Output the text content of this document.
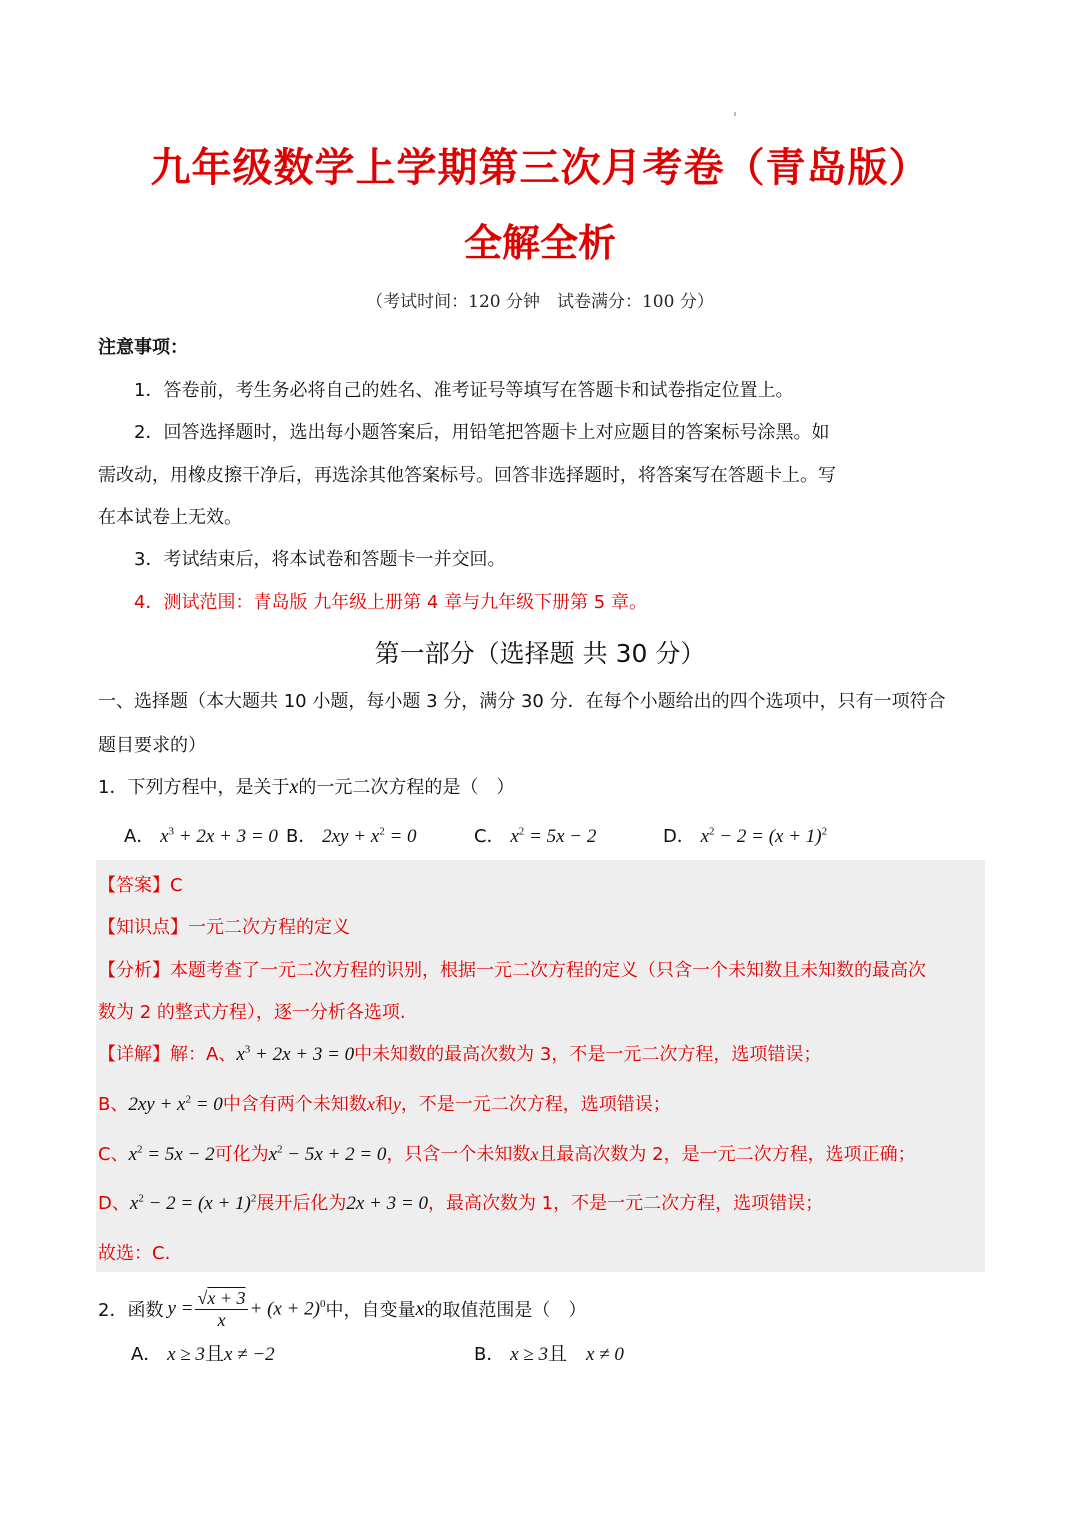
九年级数学上学期第三次月考卷（青岛版）
全解全析
（考试时间：120 分钟　试卷满分：100 分）
注意事项：
1．答卷前，考生务必将自己的姓名、准考证号等填写在答题卡和试卷指定位置上。
2．回答选择题时，选出每小题答案后，用铅笔把答题卡上对应题目的答案标号涂黑。如
需改动，用橡皮擦干净后，再选涂其他答案标号。回答非选择题时，将答案写在答题卡上。写
在本试卷上无效。
3．考试结束后，将本试卷和答题卡一并交回。
4．测试范围：青岛版 九年级上册第 4 章与九年级下册第 5 章。
第一部分（选择题 共 30 分）
一、选择题（本大题共 10 小题，每小题 3 分，满分 30 分．在每个小题给出的四个选项中，只有一项符合
题目要求的）
1．下列方程中，是关于x的一元二次方程的是（　）
A． $x^3 + 2x + 3 = 0$ B． $2xy + x^2 = 0$	C． $x^2 = 5x - 2$	D． $x^2 - 2 = (x + 1)^2$
【答案】C
【知识点】一元二次方程的定义
【分析】本题考查了一元二次方程的识别，根据一元二次方程的定义（只含一个未知数且未知数的最高次
数为 2 的整式方程），逐一分析各选项.
【详解】解：A、$x^3 + 2x + 3 = 0$中未知数的最高次数为 3，不是一元二次方程，选项错误；
B、$2xy + x^2 = 0$中含有两个未知数x和y，不是一元二次方程，选项错误；
C、$x^2 = 5x - 2$可化为$x^2 - 5x + 2 = 0$，只含一个未知数x且最高次数为 2，是一元二次方程，选项正确；
D、$x^2 - 2 = (x + 1)^2$展开后化为2x + 3 = 0，最高次数为 1，不是一元二次方程，选项错误；
故选：C.
2．函数 $y = \frac{√x + 3}{x} + (x + 2)^0$ 中，自变量 x 的取值范围是（　）
A． x ≥ 3且x ≠ −2	B． x ≥ 3且　x ≠ 0
